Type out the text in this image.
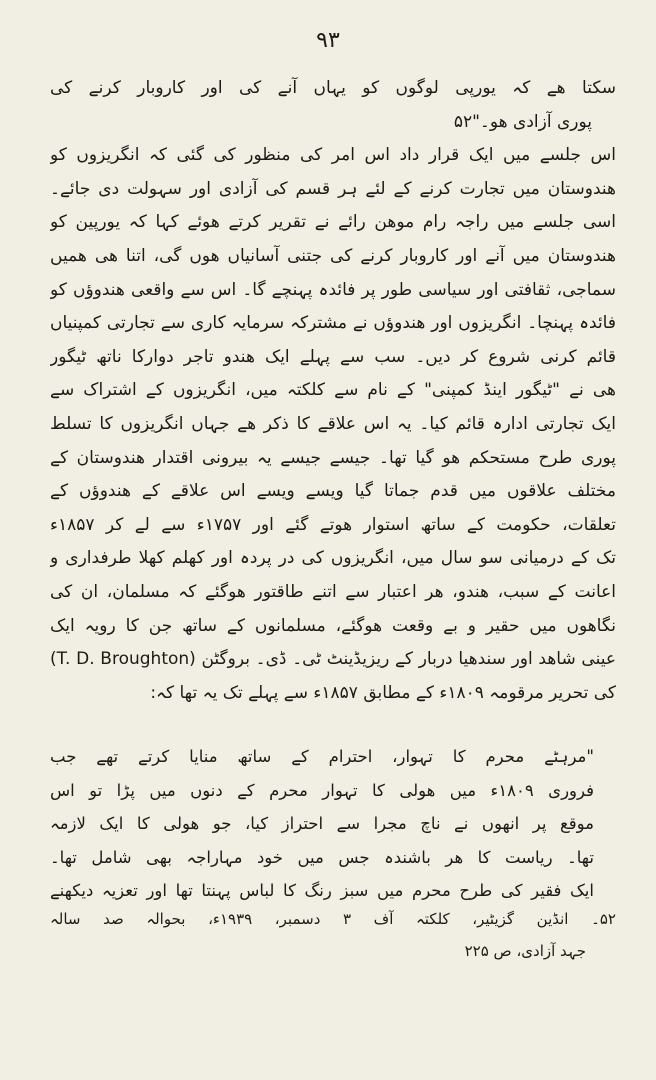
۹۳
سکتا ھے کہ یورپی لوگوں کو یہاں آنے کی اور کاروبار کرنے کی
پوری آزادی ھو۔"۵۲
اس جلسے میں ایک قرار داد اس امر کی منظور کی گئی کہ انگریزوں کو
ھندوستان میں تجارت کرنے کے لئے ہر قسم کی آزادی اور سہولت دی جائے۔
اسی جلسے میں راجہ رام موھن رائے نے تقریر کرتے ھوئے کہا کہ یورپین کو
ھندوستان میں آنے اور کاروبار کرنے کی جتنی آسانیاں ھوں گی، اتنا ھی ھمیں
سماجی، ثقافتی اور سیاسی طور پر فائدہ پہنچے گا۔ اس سے واقعی ھندوؤں کو
فائدہ پہنچا۔ انگریزوں اور ھندوؤں نے مشترکہ سرمایہ کاری سے تجارتی کمپنیاں
قائم کرنی شروع کر دیں۔ سب سے پہلے ایک ھندو تاجر دوارکا ناتھ ٹیگور
ھی نے "ٹیگور اینڈ کمپنی" کے نام سے کلکتہ میں، انگریزوں کے اشتراک سے
ایک تجارتی ادارہ قائم کیا۔ یہ اس علاقے کا ذکر ھے جہاں انگریزوں کا تسلط
پوری طرح مستحکم ھو گیا تھا۔ جیسے جیسے یہ بیرونی اقتدار ھندوستان کے
مختلف علاقوں میں قدم جماتا گیا ویسے ویسے اس علاقے کے ھندوؤں کے
تعلقات، حکومت کے ساتھ استوار ھوتے گئے اور ۱۷۵۷ء سے لے کر ۱۸۵۷ء
تک کے درمیانی سو سال میں، انگریزوں کی در پردہ اور کھلم کھلا طرفداری و
اعانت کے سبب، ھندو، ھر اعتبار سے اتنے طاقتور ھوگئے کہ مسلمان، ان کی
نگاھوں میں حقیر و بے وقعت ھوگئے، مسلمانوں کے ساتھ جن کا رویہ ایک
عینی شاھد اور سندھیا دربار کے ریزیڈینٹ ٹی۔ ڈی۔ بروگٹن (T. D. Broughton)
کی تحریر مرقومہ ۱۸۰۹ء کے مطابق ۱۸۵۷ء سے پہلے تک یہ تھا کہ:
"مرہٹے محرم کا تہوار، احترام کے ساتھ منایا کرتے تھے جب
فروری ۱۸۰۹ء میں ھولی کا تہوار محرم کے دنوں میں پڑا تو اس
موقع پر انھوں نے ناچ مجرا سے احتراز کیا، جو ھولی کا ایک لازمہ
تھا۔ ریاست کا ھر باشندہ جس میں خود مہاراجہ بھی شامل تھا۔
ایک فقیر کی طرح محرم میں سبز رنگ کا لباس پہنتا تھا اور تعزیہ دیکھنے
۵۲۔ انڈین گزیٹیر، کلکتہ آف ۳ دسمبر، ۱۹۳۹ء، بحوالہ صد سالہ
جہد آزادی، ص ۲۲۵
